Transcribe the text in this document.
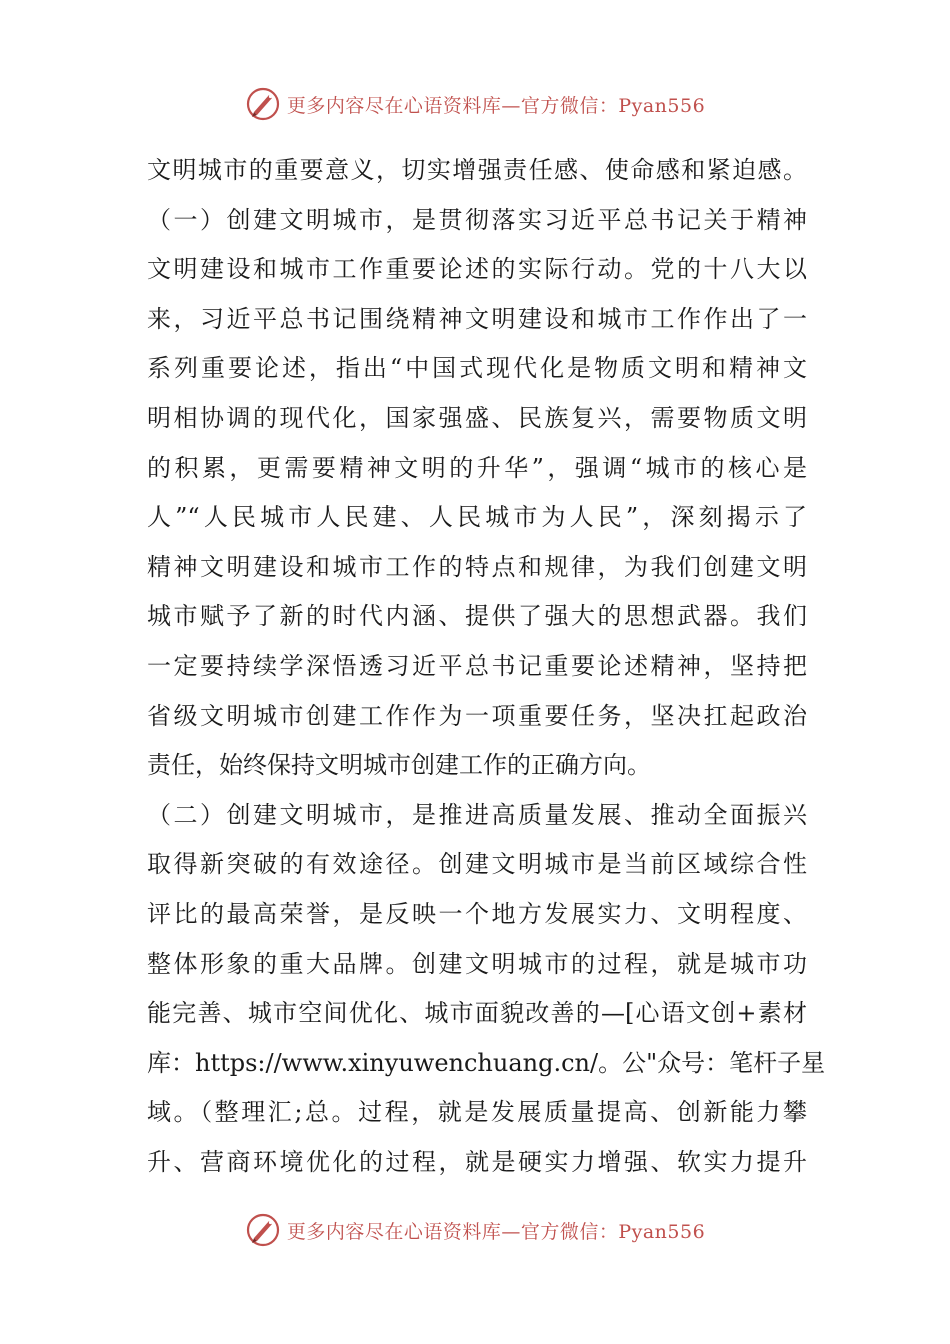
更多内容尽在心语资料库—官方微信：Pyan556
文明城市的重要意义，切实增强责任感、使命感和紧迫感。
（一）创建文明城市，是贯彻落实习近平总书记关于精神
文明建设和城市工作重要论述的实际行动。党的十八大以
来，习近平总书记围绕精神文明建设和城市工作作出了一
系列重要论述，指出“中国式现代化是物质文明和精神文
明相协调的现代化，国家强盛、民族复兴，需要物质文明
的积累，更需要精神文明的升华”，强调“城市的核心是
人”“人民城市人民建、人民城市为人民”，深刻揭示了
精神文明建设和城市工作的特点和规律，为我们创建文明
城市赋予了新的时代内涵、提供了强大的思想武器。我们
一定要持续学深悟透习近平总书记重要论述精神，坚持把
省级文明城市创建工作作为一项重要任务，坚决扛起政治
责任，始终保持文明城市创建工作的正确方向。
（二）创建文明城市，是推进高质量发展、推动全面振兴
取得新突破的有效途径。创建文明城市是当前区域综合性
评比的最高荣誉，是反映一个地方发展实力、文明程度、
整体形象的重大品牌。创建文明城市的过程，就是城市功
能完善、城市空间优化、城市面貌改善的—[心语文创+素材
库：https://www.xinyuwenchuang.cn/。公"众号：笔杆子星
域。（整理汇;总。过程，就是发展质量提高、创新能力攀
升、营商环境优化的过程，就是硬实力增强、软实力提升
更多内容尽在心语资料库—官方微信：Pyan556
